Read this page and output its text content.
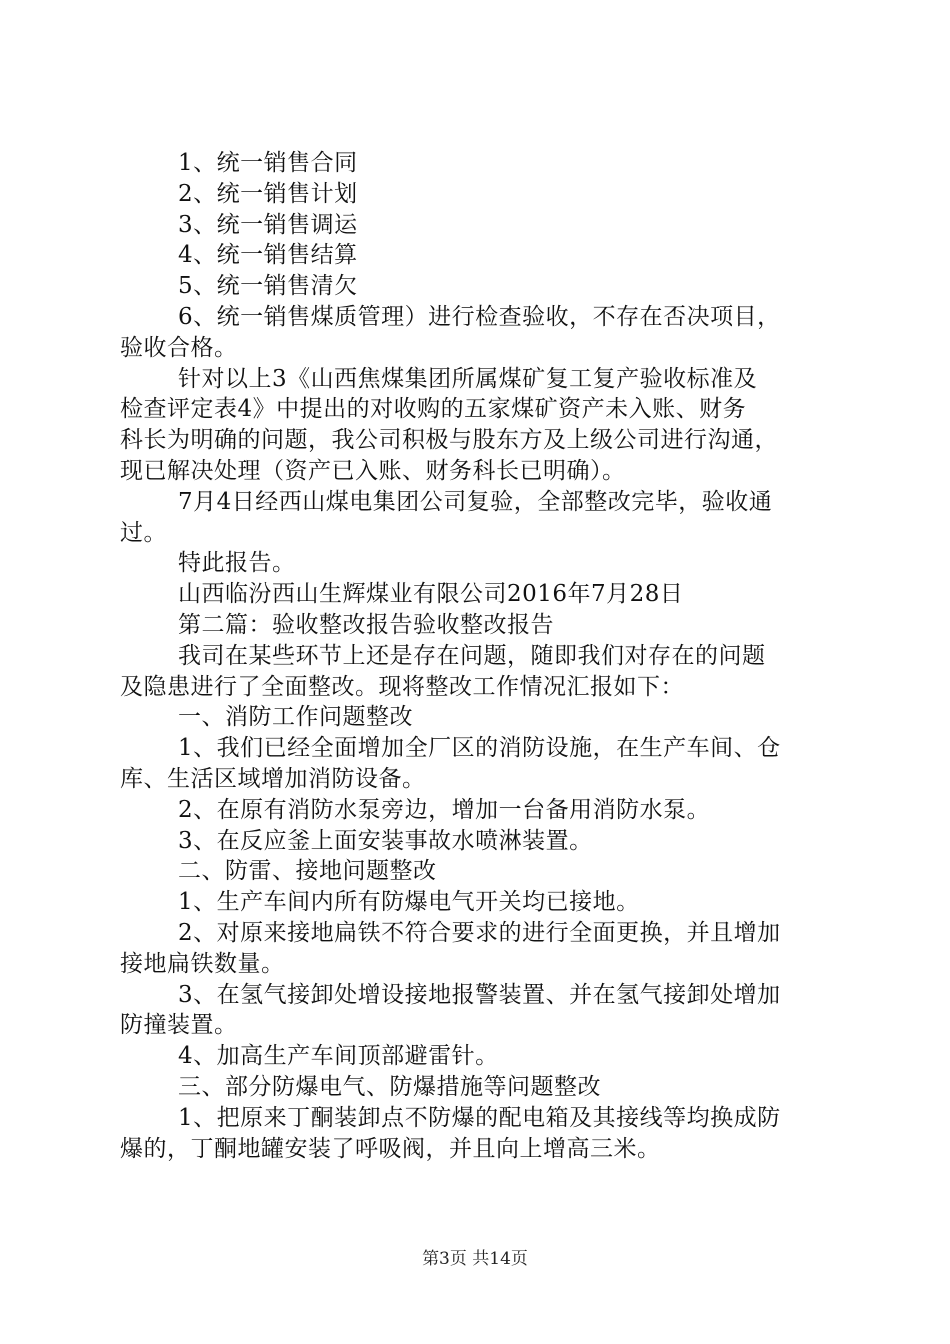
1、统一销售合同

2、统一销售计划

3、统一销售调运

4、统一销售结算

5、统一销售清欠

6、统一销售煤质管理）进行检查验收，不存在否决项目，

验收合格。

针对以上3《山西焦煤集团所属煤矿复工复产验收标准及

检查评定表4》中提出的对收购的五家煤矿资产未入账、财务

科长为明确的问题，我公司积极与股东方及上级公司进行沟通，

现已解决处理（资产已入账、财务科长已明确）。

7月4日经西山煤电集团公司复验，全部整改完毕，验收通

过。

特此报告。

山西临汾西山生辉煤业有限公司2016年7月28日

第二篇：验收整改报告验收整改报告

我司在某些环节上还是存在问题，随即我们对存在的问题

及隐患进行了全面整改。现将整改工作情况汇报如下：

一、消防工作问题整改

1、我们已经全面增加全厂区的消防设施，在生产车间、仓

库、生活区域增加消防设备。

2、在原有消防水泵旁边，增加一台备用消防水泵。

3、在反应釜上面安装事故水喷淋装置。

二、防雷、接地问题整改

1、生产车间内所有防爆电气开关均已接地。

2、对原来接地扁铁不符合要求的进行全面更换，并且增加

接地扁铁数量。

3、在氢气接卸处增设接地报警装置、并在氢气接卸处增加

防撞装置。

4、加高生产车间顶部避雷针。

三、部分防爆电气、防爆措施等问题整改

1、把原来丁酮装卸点不防爆的配电箱及其接线等均换成防

爆的，丁酮地罐安装了呼吸阀，并且向上增高三米。

第3页 共14页
